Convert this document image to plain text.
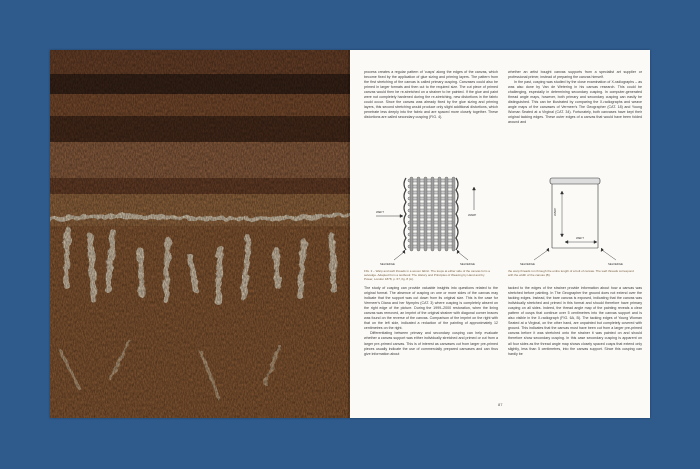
process creates a regular pattern of 'cusps' along the edges of the canvas, which become fixed by the application of glue sizing and priming layers. The pattern from the first stretching of the canvas is called primary cusping. Canvases could also be primed in larger formats and then cut to the required size. The cut piece of primed canvas would then be re-stretched on a strainer to be painted. If the glue and paint were not completely hardened during the re-stretching, new distortions in the fabric could occur. Since the canvas was already fixed by the glue sizing and priming layers, this second stretching would produce only slight additional distortions, which penetrate less deeply into the fabric and are spaced more closely together. These distortions are called secondary cusping (FIG. 4).

whether an artist bought canvas supports from a specialist art supplier or professional primer, instead of preparing the canvas himself.

In the past, cusping was studied by the close examination of X-radiographs – as was also done by Van de Wetering in his canvas research. This could be challenging, especially in determining secondary cusping. In computer-generated thread angle maps, however, both primary and secondary cusping can easily be distinguished. This can be illustrated by comparing the X-radiographs and weave angle maps of the canvases of Vermeer's The Geographer (CAT. 18) and Young Woman Seated at a Virginal (CAT. 34). Fortunately, both canvases have kept their original tacking edges. These outer edges of a canvas that would have been folded around and

WEFT
WARP
SELVEDGE	SELVEDGE
WARP
WEFT
SELVEDGE	SELVEDGE
FIG. 3 – Warp and weft threads in a woven fabric. The loops at either side of the canvas form a selvedge. Adapted from a textbook: The History and Principles of Weaving by Hand and by Power, London 1878, p. 67, fig. 8 (A).
the warp threads run through the entire length of a bolt of canvas. The weft threads correspond with the width of the canvas (B).

The study of cusping can provide valuable insights into questions related to the original format. The absence of cusping on one or more sides of the canvas may indicate that the support was cut down from its original size. This is the case for Vermeer's Diana and her Nymphs (CAT. 3) where cusping is completely absent on the right edge of the picture. During the 1999–2000 restoration, when the lining canvas was removed, an imprint of the original strainer with diagonal corner braces was found on the reverse of the canvas. Comparison of the imprint on the right with that on the left side, indicated a reduction of the painting of approximately 12 centimetres on the right.

Differentiating between primary and secondary cusping can help evaluate whether a canvas support was either individually stretched and primed or cut from a larger pre-primed canvas. This is of interest as canvases cut from larger pre-primed pieces usually indicate the use of commercially prepared canvases and can thus give information about

tacked to the edges of the strainer provide information about how a canvas was stretched before painting. In The Geographer the ground does not extend over the tacking edges. Instead, the bare canvas is exposed, indicating that the canvas was individually stretched and primed in this format and should therefore have primary cusping on all sides. Indeed, the thread angle map of the painting reveals a clear pattern of cusps that continue over 5 centimetres into the canvas support and is also visible in the X-radiograph (FIG. 6A, B). The tacking edges of Young Woman Seated at a Virginal, on the other hand, are unpainted but completely covered with ground. This indicates that the canvas must have been cut from a larger pre-primed canvas before it was stretched onto the strainer it was painted on and should therefore show secondary cusping. In this case secondary cusping is apparent on all four sides as the thread angle map shows closely spaced cusps that extend only slightly, less than 5 centimetres, into the canvas support. Since this cusping can hardly be

87
